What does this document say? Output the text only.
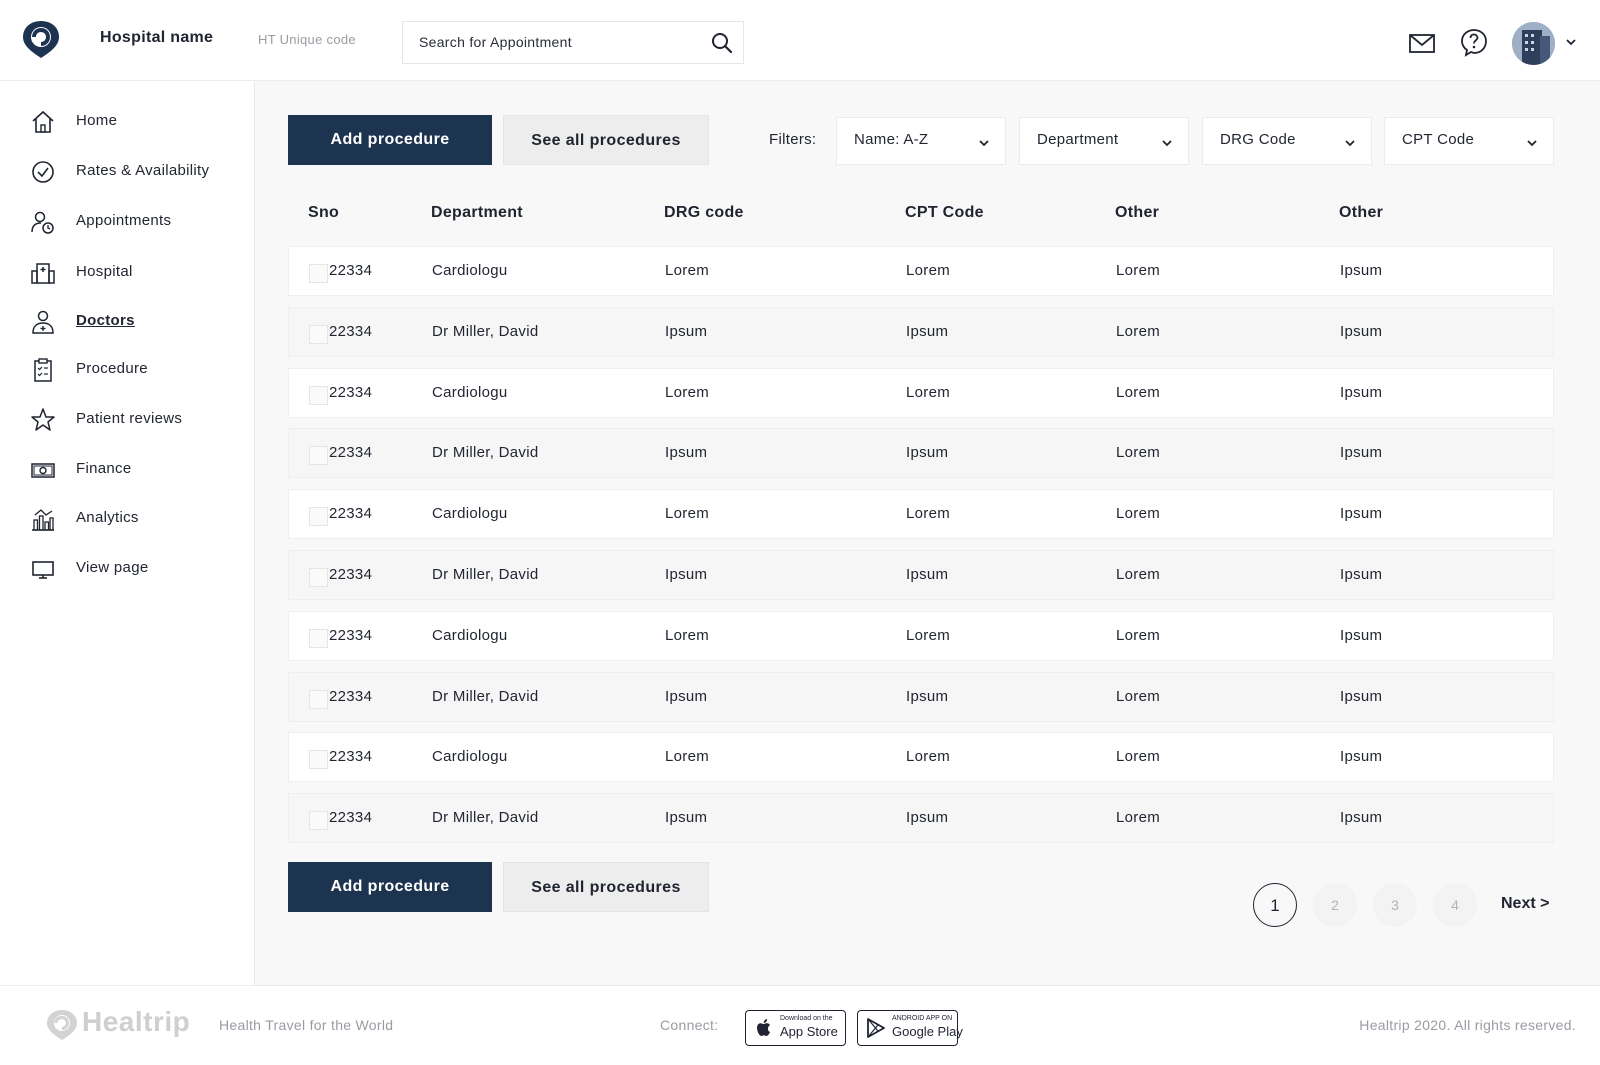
Hospital name	HT Unique code	Search for Appointment
Home
Rates & Availability
Appointments
Hospital
Doctors
Procedure
Patient reviews
Finance
Analytics
View page
Add procedure	See all procedures	Filters:	Name: A-Z	Department	DRG Code	CPT Code
Sno	Department	DRG code	CPT Code	Other	Other
22334	Cardiologu	Lorem	Lorem	Lorem	Ipsum
22334	Dr Miller, David	Ipsum	Ipsum	Lorem	Ipsum
22334	Cardiologu	Lorem	Lorem	Lorem	Ipsum
22334	Dr Miller, David	Ipsum	Ipsum	Lorem	Ipsum
22334	Cardiologu	Lorem	Lorem	Lorem	Ipsum
22334	Dr Miller, David	Ipsum	Ipsum	Lorem	Ipsum
22334	Cardiologu	Lorem	Lorem	Lorem	Ipsum
22334	Dr Miller, David	Ipsum	Ipsum	Lorem	Ipsum
22334	Cardiologu	Lorem	Lorem	Lorem	Ipsum
22334	Dr Miller, David	Ipsum	Ipsum	Lorem	Ipsum
Add procedure	See all procedures
1	2	3	4	Next >
Healtrip Health Travel for the World	Connect:	Download on the
App Store
ANDROID APP ON
Google Play	Healtrip 2020. All rights reserved.
